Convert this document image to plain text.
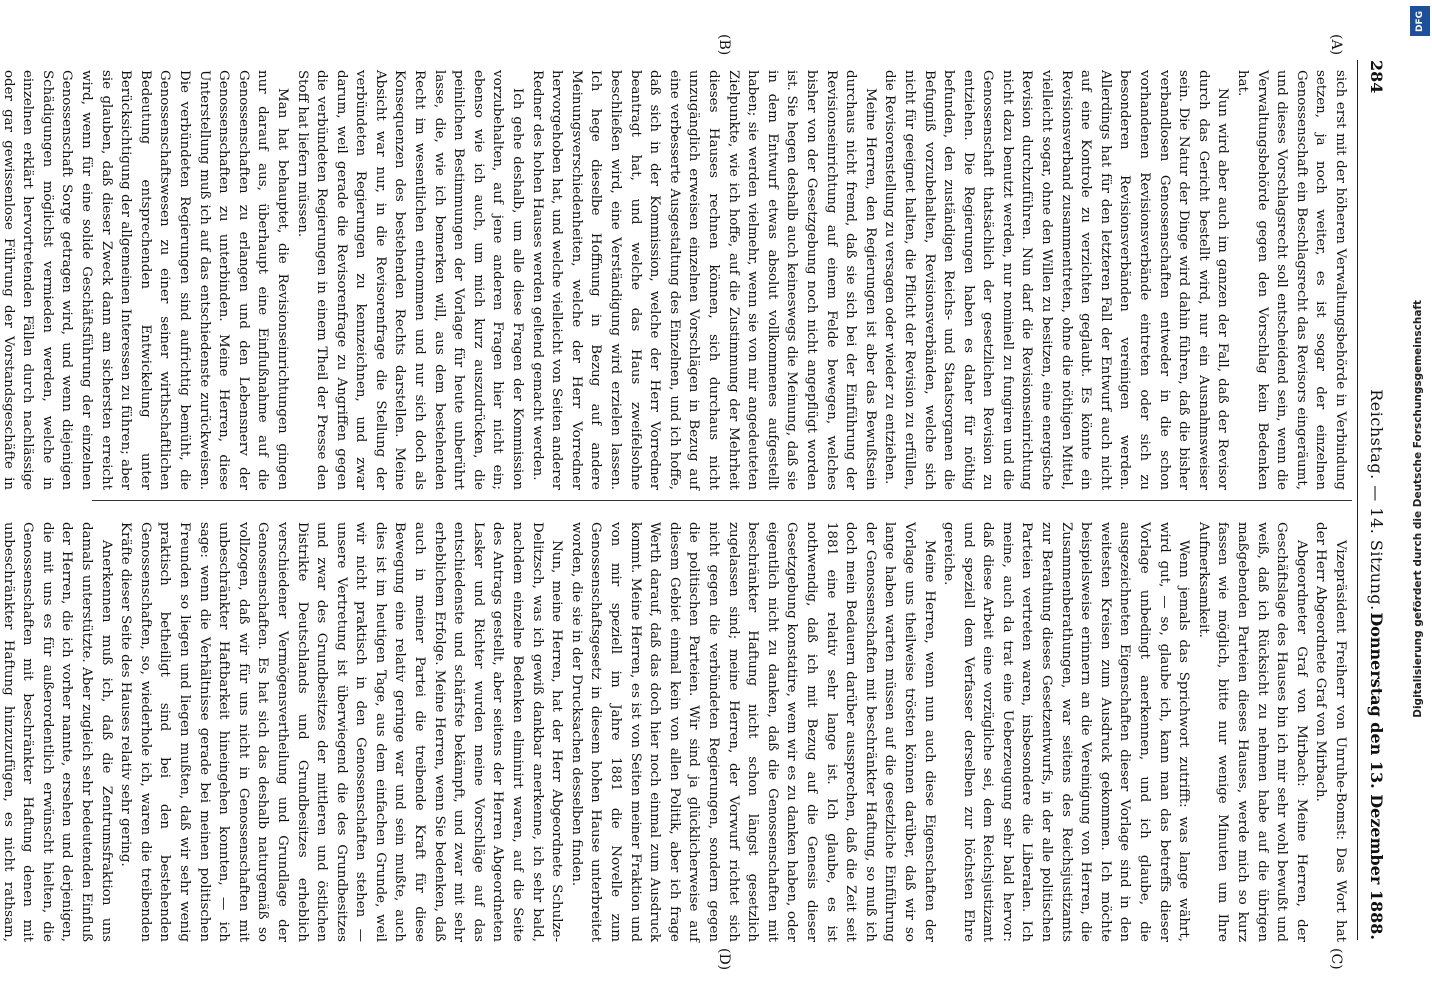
284
Reichstag. — 14. Sitzung.
Donnerstag den 13. Dezember 1888.
(A)
(B)
(C)
(D)

sich erst mit der höheren Verwaltungsbehörde in Verbindung setzen, ja noch weiter, es ist sogar der einzelnen Genossenschaft ein Beschlagsrecht das Revisors eingeräumt, und dieses Vorschlagsrecht soll entscheidend sein, wenn die Verwaltungsbehörde gegen den Vorschlag kein Bedenken hat.

Nun wird aber auch im ganzen der Fall, daß der Revisor durch das Gericht bestellt wird, nur ein Ausnahmsweiser sein. Die Natur der Dinge wird dahin führen, daß die bisher verbandlosen Genossenschaften entweder in die schon vorhandenen Revisionsverbände eintreten oder sich zu besonderen Revisionsverbänden vereinigen werden. Allerdings hat für den letzteren Fall der Entwurf auch nicht auf eine Kontrole zu verzichten geglaubt. Es könnte ein Revisionsverband zusammentreten, ohne die nöthigen Mittel, vielleicht sogar, ohne den Willen zu besitzen, eine energische Revision durchzuführen. Nun darf die Revisionseinrichtung nicht dazu benutzt werden, nur nominell zu fungiren und die Genossenschaft thatsächlich der gesetzlichen Revision zu entziehen. Die Regierungen haben es daher für nöthig befunden, den zuständigen Reichs- und Staatsorganen die Befugniß vorzubehalten, Revisionsverbänden, welche sich nicht für geeignet halten, die Pflicht der Revision zu erfüllen, die Revisorenstellung zu versagen oder wieder zu entziehen.

Meine Herren, den Regierungen ist aber das Bewußtsein durchaus nicht fremd, daß sie sich bei der Einführung der Revisionseinrichtung auf einem Felde bewegen, welches bisher von der Gesetzgebung noch nicht angepflügt worden ist. Sie hegen deshalb auch keineswegs die Meinung, daß sie in dem Entwurf etwas absolut vollkommenes aufgestellt haben; sie werden vielmehr, wenn sie von mir angedeuteten Zielpunkte, wie ich hoffe, auf die Zustimmung der Mehrheit dieses Hauses rechnen können, sich durchaus nicht unzugänglich erweisen einzelnen Vorschlägen in Bezug auf eine verbesserte Ausgestaltung des Einzelnen, und ich hoffe, daß sich in der Kommission, welche der Herr Vorredner beantragt hat, und welche das Haus zweifelsohne beschließen wird, eine Verständigung wird erzielen lassen. Ich hege dieselbe Hoffnung in Bezug auf andere Meinungsverschiedenheiten, welche der Herr Vorredner hervorgehoben hat, und welche vielleicht von Seiten anderer Redner des hohen Hauses werden geltend gemacht werden.

Ich gehe deshalb, um alle diese Fragen der Kommission vorzubehalten, auf jene anderen Fragen hier nicht ein; ebenso wie ich auch, um mich kurz auszudrücken, die peinlichen Bestimmungen der Vorlage für heute unberührt lasse, die, wie ich bemerken will, aus dem bestehenden Recht im wesentlichen entnommen und nur sich doch als Konsequenzen des bestehenden Rechts darstellen. Meine Absicht war nur, in die Revisorenfrage die Stellung der verbündeten Regierungen zu kennzeichnen, und zwar darum, weil gerade die Revisorenfrage zu Angriffen gegen die verbündeten Regierungen in einem Theil der Presse den Stoff hat liefern müssen.

Man hat behauptet, die Revisionseinrichtungen gingen nur darauf aus, überhaupt eine Einflußnahme auf die Genossenschaften zu erlangen und den Lebensnerv der Genossenschaften zu unterbinden. Meine Herren, diese Unterstellung muß ich auf das entschiedenste zurückweisen. Die verbündeten Regierungen sind aufrichtig bemüht, die Genossenschaftswesen zu einer seiner wirthschaftlichen Bedeutung entsprechenden Entwickelung unter Berücksichtigung der allgemeinen Interessen zu führen; aber sie glauben, daß dieser Zweck dann am sichersten erreicht wird, wenn für eine solide Geschäftsführung der einzelnen Genossenschaft Sorge getragen wird, und wenn diejenigen Schädigungen möglichst vermieden werden, welche in einzelnen erklärt hervortretenden Fällen durch nachlässige oder gar gewissenlose Führung der Vorstandsgeschäfte in

Vizepräsident Freiherr von Unruhe-Bomst: Das Wort hat der Herr Abgeordnete Graf von Mirbach.

Abgeordneter Graf von Mirbach: Meine Herren, der Geschäftslage des Hauses bin ich mir sehr wohl bewußt und weiß, daß ich Rücksicht zu nehmen habe auf die übrigen maßgebenden Parteien dieses Hauses, werde mich so kurz fassen wie möglich, bitte nur wenige Minuten um Ihre Aufmerksamkeit.

Wenn jemals das Sprichwort zutrifft: was lange währt, wird gut, — so, glaube ich, kann man das betreffs dieser Vorlage unbedingt anerkennen, und ich glaube, die ausgezeichneten Eigenschaften dieser Vorlage sind in den weitesten Kreisen zum Ausdruck gekommen. Ich möchte beispielsweise erinnern an die Vereinigung von Herren, die Zusammenberathungen, war seitens des Reichsjustizamts zur Berathung dieses Gesetzentwurfs, in der alle politischen Parteien vertreten waren, insbesondere die Liberalen. Ich meine, auch da trat eine Ueberzeugung sehr bald hervor: daß diese Arbeit eine vorzügliche sei, dem Reichsjustizamt und speziell dem Verfasser derselben zur höchsten Ehre gereiche.

Meine Herren, wenn nun auch diese Eigenschaften der Vorlage uns theilweise trösten können darüber, daß wir so lange haben warten müssen auf die gesetzliche Einführung der Genossenschaften mit beschränkter Haftung, so muß ich doch mein Bedauern darüber aussprechen, daß die Zeit seit 1881 eine relativ sehr lange ist. Ich glaube, es ist nothwendig, daß ich mit Bezug auf die Genesis dieser Gesetzgebung konstatire, wem wir es zu danken haben, oder eigentlich nicht zu danken, daß die Genossenschaften mit beschränkter Haftung nicht schon längst gesetzlich zugelassen sind; meine Herren, der Vorwurf richtet sich nicht gegen die verbündeten Regierungen, sondern gegen die politischen Parteien. Wir sind ja glücklicherweise auf diesem Gebiet einmal kein von allen Politik, aber ich frage Werth darauf, daß das doch hier noch einmal zum Ausdruck kommt. Meine Herren, es ist von Seiten meiner Fraktion und von mir speziell im Jahre 1881 die Novelle zum Genossenschaftsgesetz in diesem hohen Hause unterbreitet worden, die sie in der Drucksachen desselben finden.

Nun, meine Herren, hat der Herr Abgeordnete Schulze-Delitzsch, was ich gewiß dankbar anerkenne, ich sehr bald, nachdem einzelne Bedenken eliminirt waren, auf die Seite des Antrags gestellt, aber seitens der Herren Abgeordneten Lasker und Richter wurden meine Vorschläge auf das entschiedenste und schärfste bekämpft, und zwar mit sehr erheblichem Erfolge. Meine Herren, wenn Sie bedenken, daß auch in meiner Partei die treibende Kraft für diese Bewegung eine relativ geringe war und sein mußte, auch dies ist im heutigen Tage, aus dem einfachen Grunde, weil wir nicht praktisch in den Genossenschaften stehen — unsere Vertretung ist überwiegend die des Grundbesitzes und zwar des Grundbesitzes der mittleren und östlichen Distrikte Deutschlands und Grundbesitzes erheblich verschiedener Vermögensvertheilung und Grundlage der Genossenschaften. Es hat sich das deshalb naturgemäß so vollzogen, daß wir für uns nicht in Genossenschaften mit unbeschränkter Haftbarkeit hineingehen konnten, — ich sage: wenn die Verhältnisse gerade bei meinen politischen Freunden so liegen und liegen mußten, daß wir sehr wenig praktisch betheiligt sind bei den bestehenden Genossenschaften, so, wiederhole ich, waren die treibenden Kräfte dieser Seite des Hauses relativ sehr gering.

Anerkennen muß ich, daß die Zentrumsfraktion uns damals unterstützte. Aber zugleich sehr bedeutenden Einfluß der Herren, die ich vorher nannte, ersehen und derjenigen, die mit uns es für außerordentlich erwünscht hielten, die Genossenschaften mit beschränkter Haftung denen mit unbeschränkter Haftung hinzuzufügen, es nicht rathsam,

DFG
Digitalisierung gefördert durch die Deutsche Forschungsgemeinschaft
